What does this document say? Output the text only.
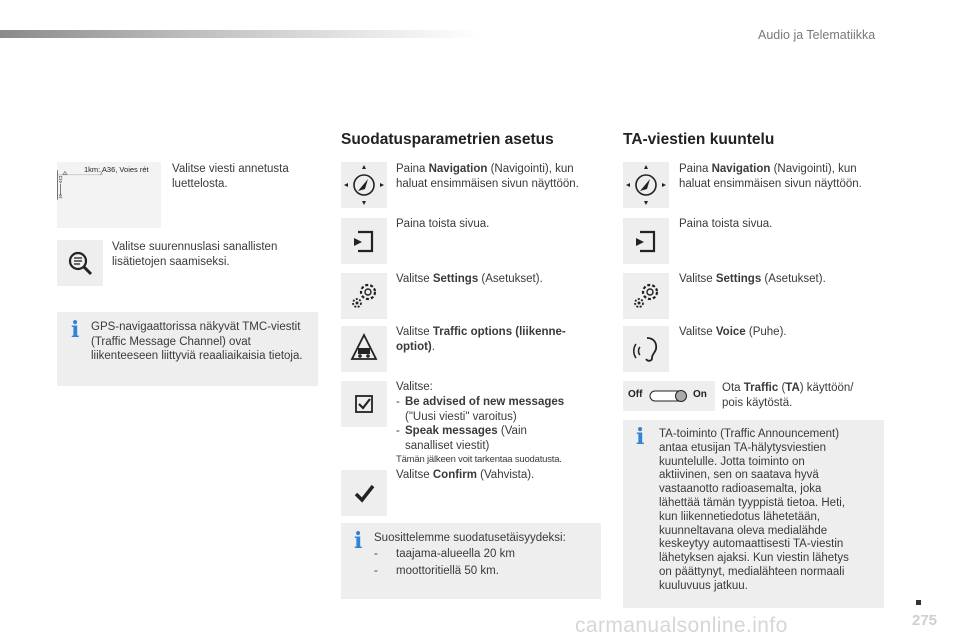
Audio ja Telematiikka
1km: A36, Voies rét Valitse viesti annetusta luettelosta.
Valitse suurennuslasi sanallisten lisätietojen saamiseksi.
i GPS-navigaattorissa näkyvät TMC-viestit (Traffic Message Channel) ovat liikenteeseen liittyviä reaaliaikaisia tietoja.
Suodatusparametrien asetus
Paina Navigation (Navigointi), kun haluat ensimmäisen sivun näyttöön.
Paina toista sivua.
Valitse Settings (Asetukset).
Valitse Traffic options (liikenne-optiot).
Valitse:
- Be advised of new messages
("Uusi viesti" varoitus)
- Speak messages (Vain sanalliset viestit)
Tämän jälkeen voit tarkentaa suodatusta.
Valitse Confirm (Vahvista).
i Suosittelemme suodatusetäisyydeksi:
- taajama-alueella 20 km
- moottoritiellä 50 km.
TA-viestien kuuntelu
Paina Navigation (Navigointi), kun haluat ensimmäisen sivun näyttöön.
Paina toista sivua.
Valitse Settings (Asetukset).
Valitse Voice (Puhe).
Off	On
Ota Traffic (TA) käyttöön/ pois käytöstä.
i TA-toiminto (Traffic Announcement) antaa etusijan TA-hälytysviestien kuuntelulle. Jotta toiminto on aktiivinen, sen on saatava hyvä vastaanotto radioasemalta, joka lähettää tämän tyyppistä tietoa. Heti, kun liikennetiedotus lähetetään, kuunneltavana oleva medialähde keskeytyy automaattisesti TA-viestin lähetyksen ajaksi. Kun viestin lähetys on päättynyt, medialähteen normaali kuuluvuus jatkuu.
carmanualsonline.info	275
